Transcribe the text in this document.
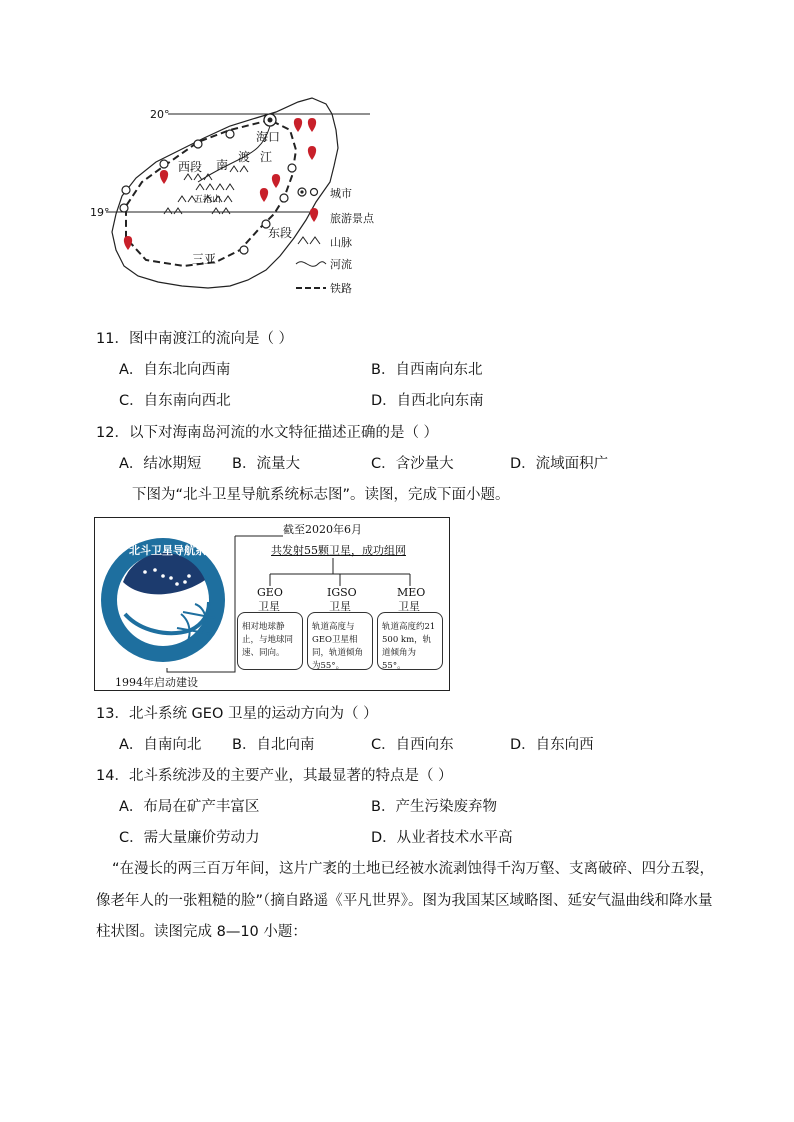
20°
19°
海口
西段 南
渡 江
五指山
东段
三亚
城市
旅游景点
山脉
河流
铁路
11．图中南渡江的流向是（ ）
A．自东北向西南	B．自西南向东北
C．自东南向西北	D．自西北向东南
12．以下对海南岛河流的水文特征描述正确的是（ ）
A．结冰期短 B．流量大	C．含沙量大	D．流域面积广
下图为“北斗卫星导航系统标志图”。读图，完成下面小题。
北斗卫星导航系统
BeiDou Navigation Satellite System
截至2020年6月
共发射55颗卫星，成功组网
GEO
卫星
IGSO
卫星
MEO
卫星
相对地球静止，与地球同速、同向。
轨道高度与 GEO卫星相同，轨道倾角为55°。
轨道高度约21 500 km，轨道倾角为55°。
1994年启动建设
13．北斗系统 GEO 卫星的运动方向为（ ）
A．自南向北 B．自北向南	C．自西向东	D．自东向西
14．北斗系统涉及的主要产业，其最显著的特点是（ ）
A．布局在矿产丰富区	B．产生污染废弃物
C．需大量廉价劳动力	D．从业者技术水平高
“在漫长的两三百万年间，这片广袤的土地已经被水流剥蚀得千沟万壑、支离破碎、四分五裂，
像老年人的一张粗糙的脸”（摘自路遥《平凡世界》。图为我国某区域略图、延安气温曲线和降水量
柱状图。读图完成 8—10 小题：
